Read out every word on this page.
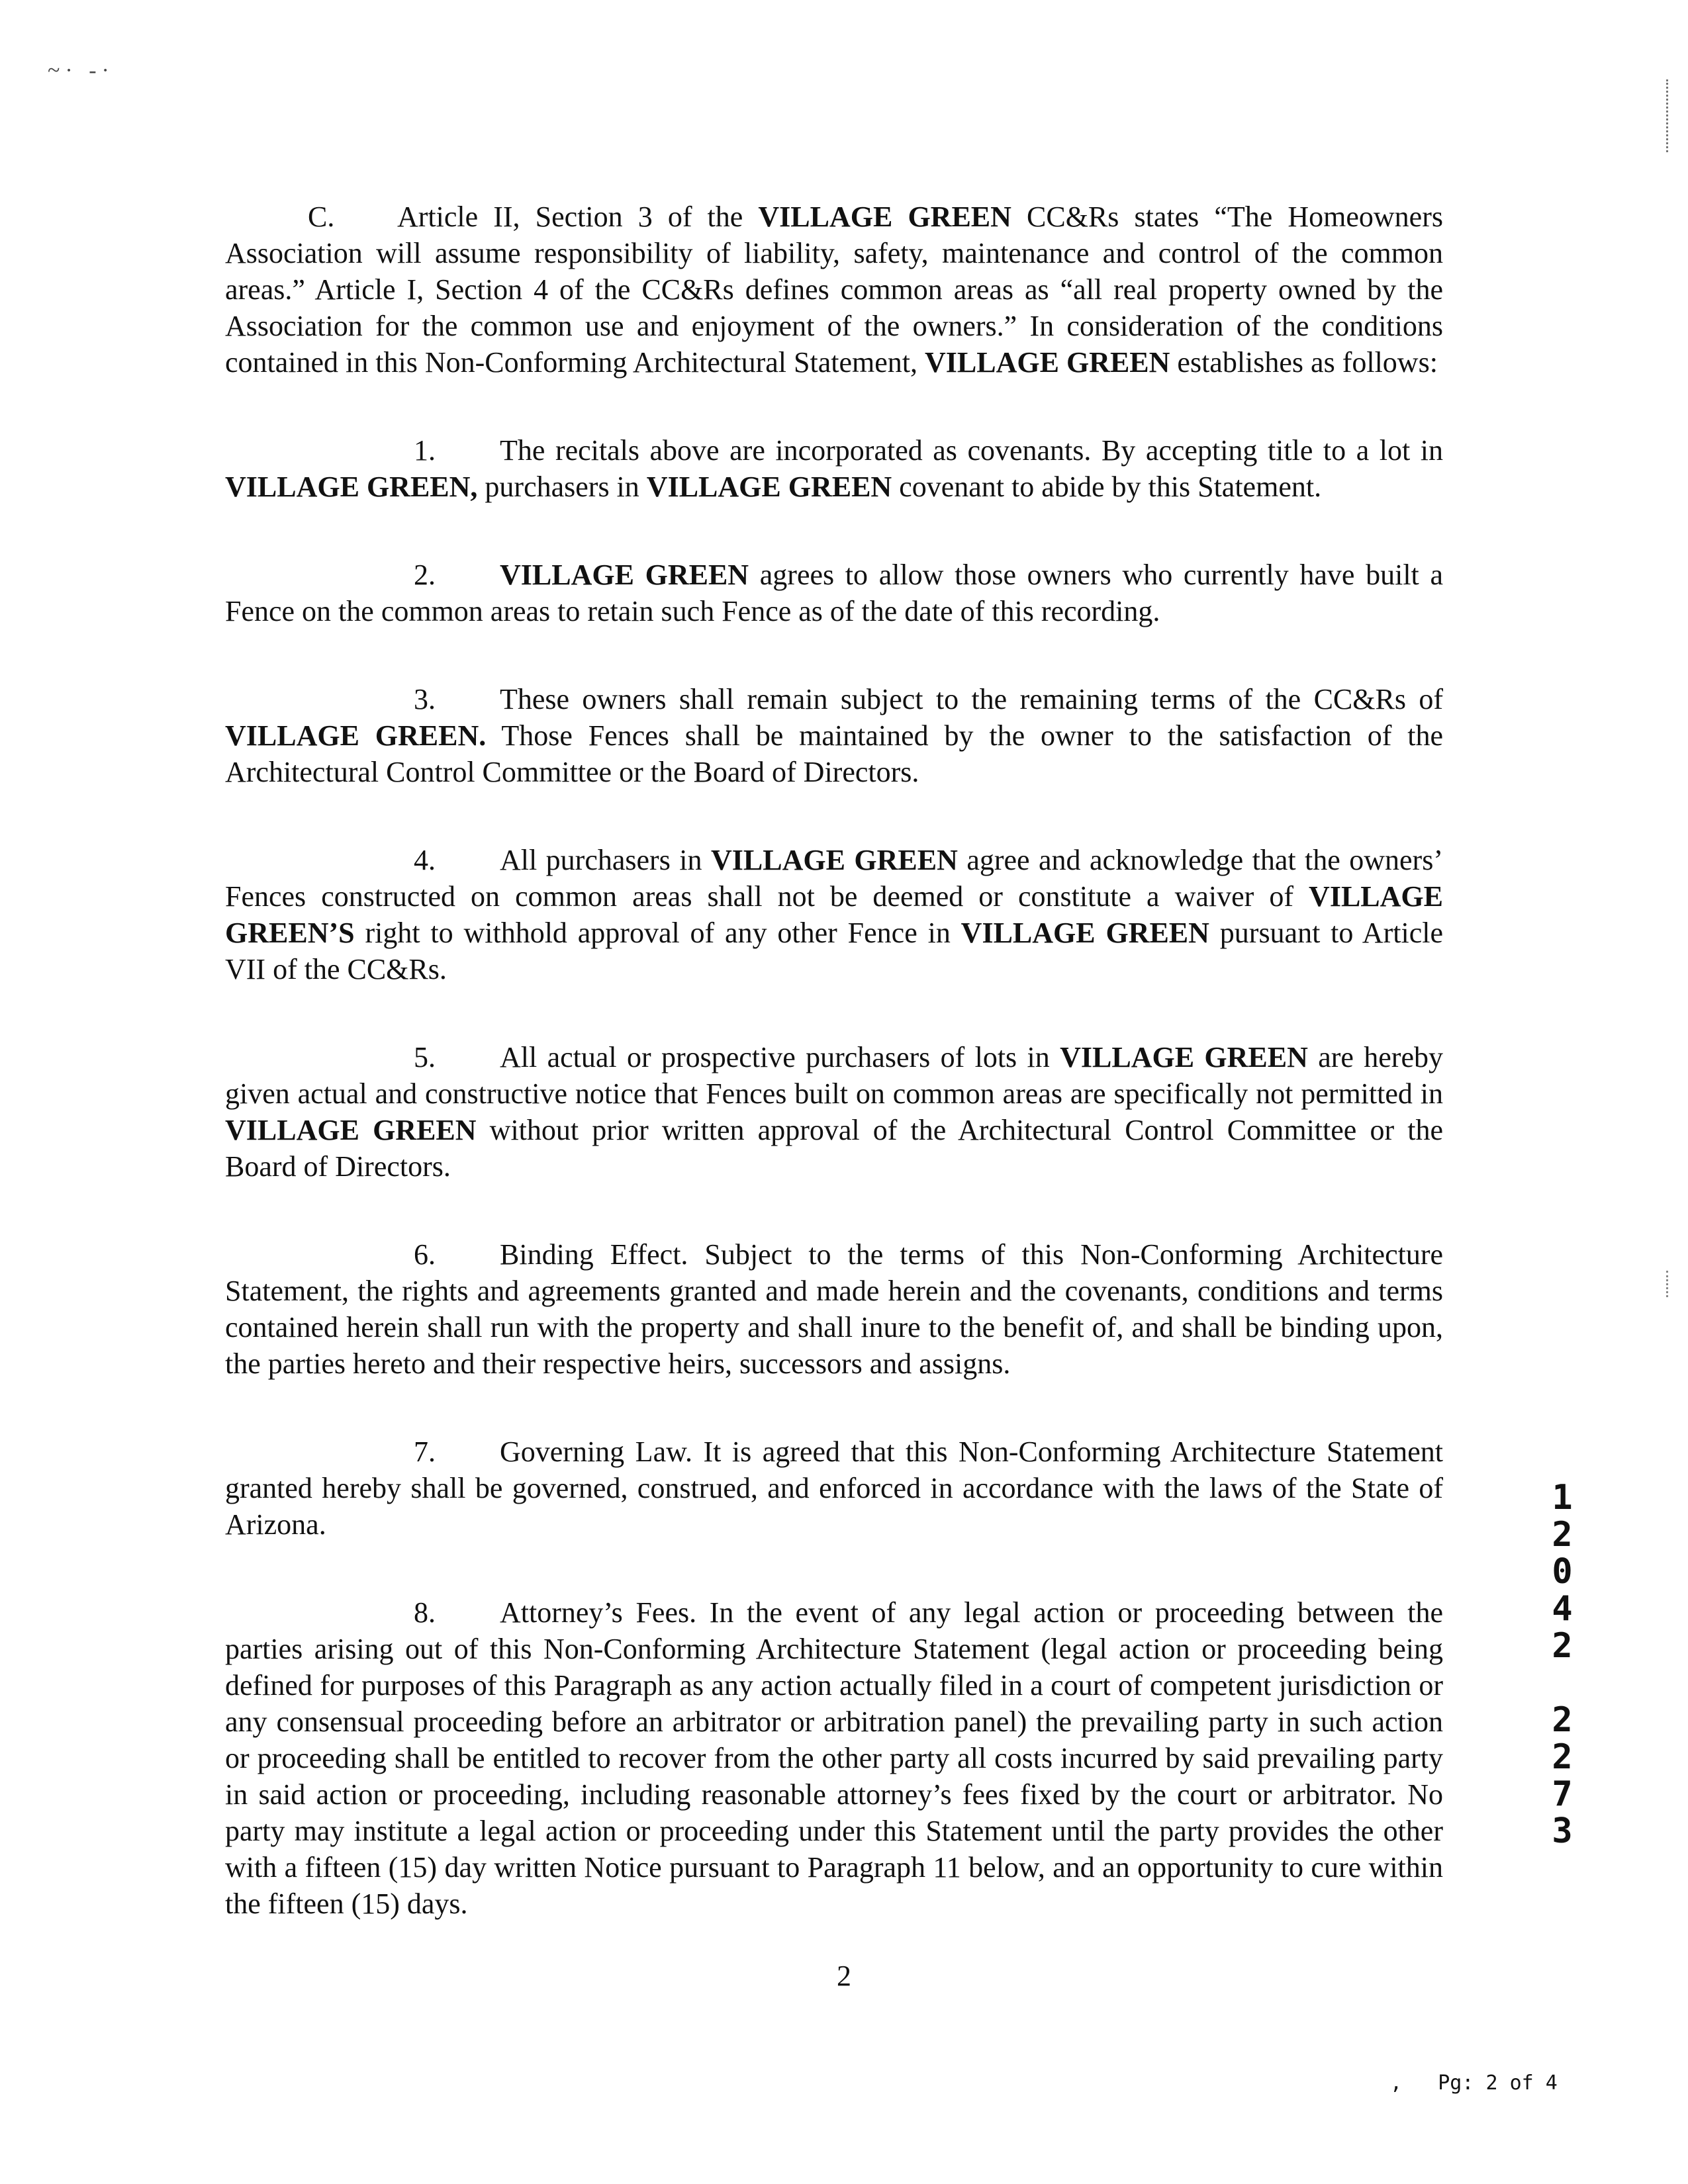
~· -·

C. Article II, Section 3 of the VILLAGE GREEN CC&Rs states “The Homeowners Association will assume responsibility of liability, safety, maintenance and control of the common areas.” Article I, Section 4 of the CC&Rs defines common areas as “all real property owned by the Association for the common use and enjoyment of the owners.” In consideration of the conditions contained in this Non-Conforming Architectural Statement, VILLAGE GREEN establishes as follows:

1. The recitals above are incorporated as covenants. By accepting title to a lot in VILLAGE GREEN, purchasers in VILLAGE GREEN covenant to abide by this Statement.

2. VILLAGE GREEN agrees to allow those owners who currently have built a Fence on the common areas to retain such Fence as of the date of this recording.

3. These owners shall remain subject to the remaining terms of the CC&Rs of VILLAGE GREEN. Those Fences shall be maintained by the owner to the satisfaction of the Architectural Control Committee or the Board of Directors.

4. All purchasers in VILLAGE GREEN agree and acknowledge that the owners’ Fences constructed on common areas shall not be deemed or constitute a waiver of VILLAGE GREEN’S right to withhold approval of any other Fence in VILLAGE GREEN pursuant to Article VII of the CC&Rs.

5. All actual or prospective purchasers of lots in VILLAGE GREEN are hereby given actual and constructive notice that Fences built on common areas are specifically not permitted in VILLAGE GREEN without prior written approval of the Architectural Control Committee or the Board of Directors.

6. Binding Effect. Subject to the terms of this Non-Conforming Architecture Statement, the rights and agreements granted and made herein and the covenants, conditions and terms contained herein shall run with the property and shall inure to the benefit of, and shall be binding upon, the parties hereto and their respective heirs, successors and assigns.

7. Governing Law. It is agreed that this Non-Conforming Architecture Statement granted hereby shall be governed, construed, and enforced in accordance with the laws of the State of Arizona.

8. Attorney’s Fees. In the event of any legal action or proceeding between the parties arising out of this Non-Conforming Architecture Statement (legal action or proceeding being defined for purposes of this Paragraph as any action actually filed in a court of competent jurisdiction or any consensual proceeding before an arbitrator or arbitration panel) the prevailing party in such action or proceeding shall be entitled to recover from the other party all costs incurred by said prevailing party in said action or proceeding, including reasonable attorney’s fees fixed by the court or arbitrator. No party may institute a legal action or proceeding under this Statement until the party provides the other with a fifteen (15) day written Notice pursuant to Paragraph 11 below, and an opportunity to cure within the fifteen (15) days.

1
2
0
4
2
2
2
7
3
2
,   Pg: 2 of 4
